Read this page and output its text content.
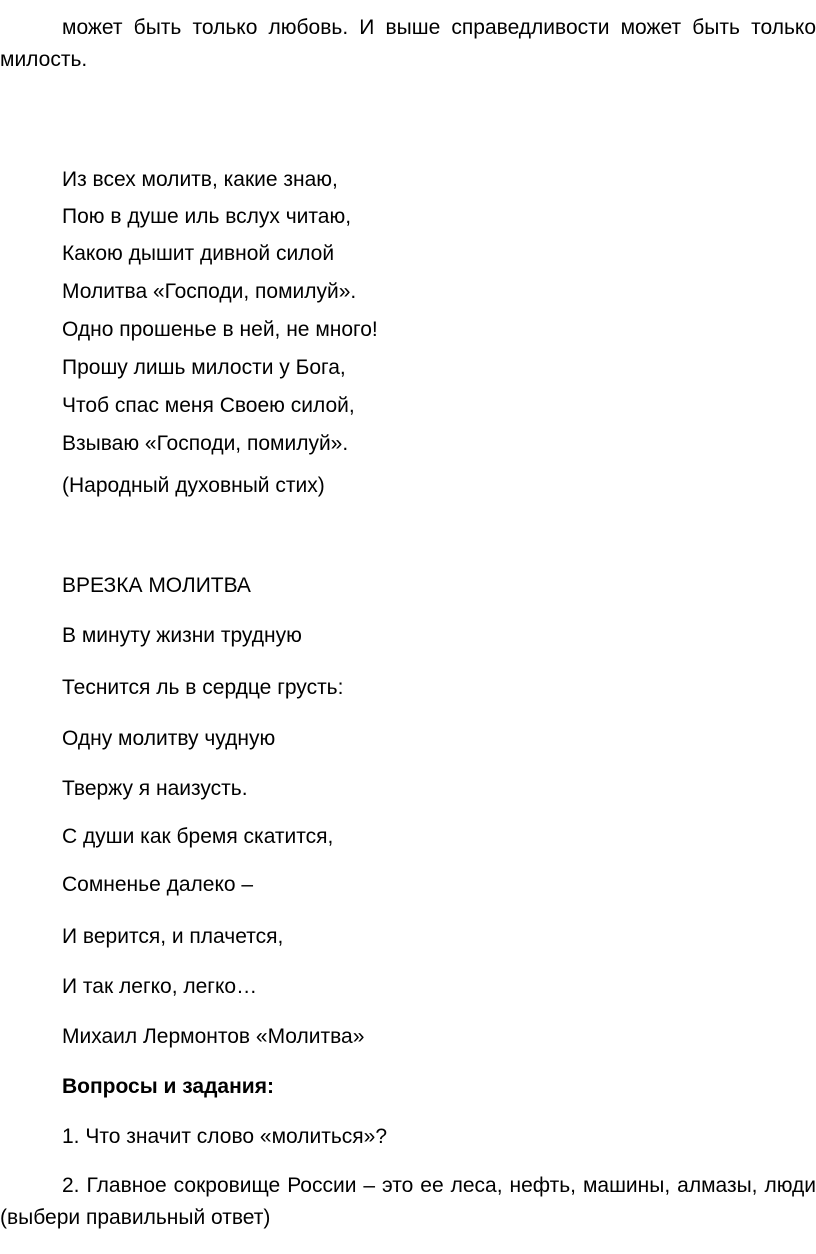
может быть только любовь. И выше справедливости может быть только милость.

Из всех молитв, какие знаю,

Пою в душе иль вслух читаю,

Какою дышит дивной силой

Молитва «Господи, помилуй».

Одно прошенье в ней, не много!

Прошу лишь милости у Бога,

Чтоб спас меня Своею силой,

Взываю «Господи, помилуй».

(Народный духовный стих)

ВРЕЗКА МОЛИТВА

В минуту жизни трудную

Теснится ль в сердце грусть:

Одну молитву чудную

Твержу я наизусть.

С души как бремя скатится,

Сомненье далеко –

И верится, и плачется,

И так легко, легко…

Михаил Лермонтов «Молитва»

Вопросы и задания:

1. Что значит слово «молиться»?

2. Главное сокровище России – это ее леса, нефть, машины, алмазы, люди (выбери правильный ответ)
